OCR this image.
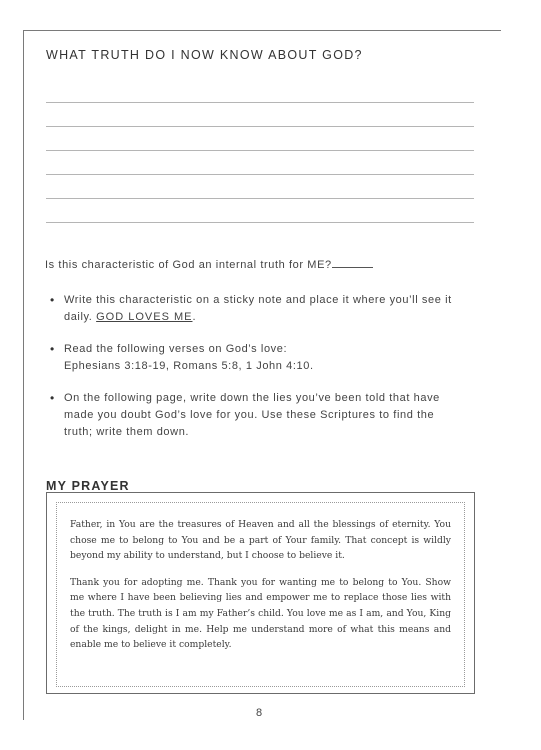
WHAT TRUTH DO I NOW KNOW ABOUT GOD?
Is this characteristic of God an internal truth for ME?
• Write this characteristic on a sticky note and place it where you’ll see it daily. GOD LOVES ME.
• Read the following verses on God’s love:
Ephesians 3:18-19, Romans 5:8, 1 John 4:10.
• On the following page, write down the lies you’ve been told that have made you doubt God’s love for you. Use these Scriptures to find the truth; write them down.
MY PRAYER

Father, in You are the treasures of Heaven and all the blessings of eternity. You chose me to belong to You and be a part of Your family. That concept is wildly beyond my ability to understand, but I choose to believe it.

Thank you for adopting me. Thank you for wanting me to belong to You. Show me where I have been believing lies and empower me to replace those lies with the truth. The truth is I am my Father’s child. You love me as I am, and You, King of the kings, delight in me. Help me understand more of what this means and enable me to believe it completely.

8
